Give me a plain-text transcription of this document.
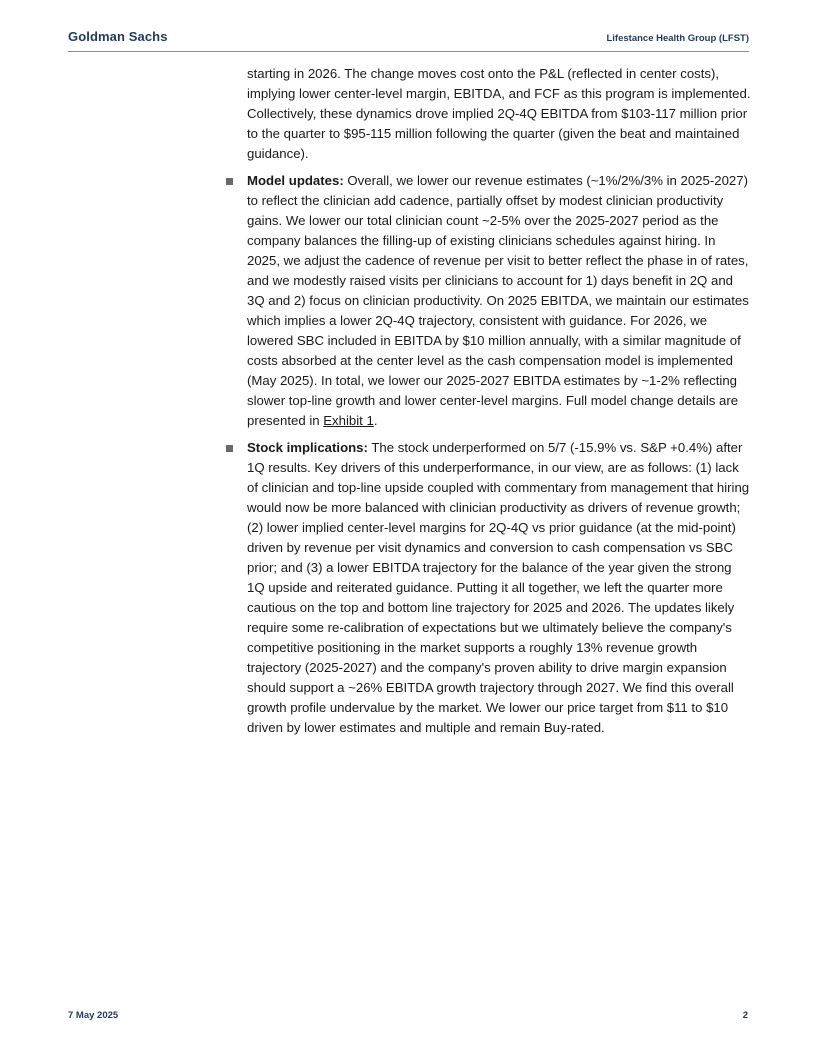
Goldman Sachs	Lifestance Health Group (LFST)

starting in 2026. The change moves cost onto the P&L (reflected in center costs), implying lower center-level margin, EBITDA, and FCF as this program is implemented. Collectively, these dynamics drove implied 2Q-4Q EBITDA from $103-117 million prior to the quarter to $95-115 million following the quarter (given the beat and maintained guidance).

Model updates: Overall, we lower our revenue estimates (~1%/2%/3% in 2025-2027) to reflect the clinician add cadence, partially offset by modest clinician productivity gains. We lower our total clinician count ~2-5% over the 2025-2027 period as the company balances the filling-up of existing clinicians schedules against hiring. In 2025, we adjust the cadence of revenue per visit to better reflect the phase in of rates, and we modestly raised visits per clinicians to account for 1) days benefit in 2Q and 3Q and 2) focus on clinician productivity. On 2025 EBITDA, we maintain our estimates which implies a lower 2Q-4Q trajectory, consistent with guidance. For 2026, we lowered SBC included in EBITDA by $10 million annually, with a similar magnitude of costs absorbed at the center level as the cash compensation model is implemented (May 2025). In total, we lower our 2025-2027 EBITDA estimates by ~1-2% reflecting slower top-line growth and lower center-level margins. Full model change details are presented in Exhibit 1.

Stock implications: The stock underperformed on 5/7 (-15.9% vs. S&P +0.4%) after 1Q results. Key drivers of this underperformance, in our view, are as follows: (1) lack of clinician and top-line upside coupled with commentary from management that hiring would now be more balanced with clinician productivity as drivers of revenue growth; (2) lower implied center-level margins for 2Q-4Q vs prior guidance (at the mid-point) driven by revenue per visit dynamics and conversion to cash compensation vs SBC prior; and (3) a lower EBITDA trajectory for the balance of the year given the strong 1Q upside and reiterated guidance. Putting it all together, we left the quarter more cautious on the top and bottom line trajectory for 2025 and 2026. The updates likely require some re-calibration of expectations but we ultimately believe the company's competitive positioning in the market supports a roughly 13% revenue growth trajectory (2025-2027) and the company's proven ability to drive margin expansion should support a ~26% EBITDA growth trajectory through 2027. We find this overall growth profile undervalue by the market. We lower our price target from $11 to $10 driven by lower estimates and multiple and remain Buy-rated.

7 May 2025	2
